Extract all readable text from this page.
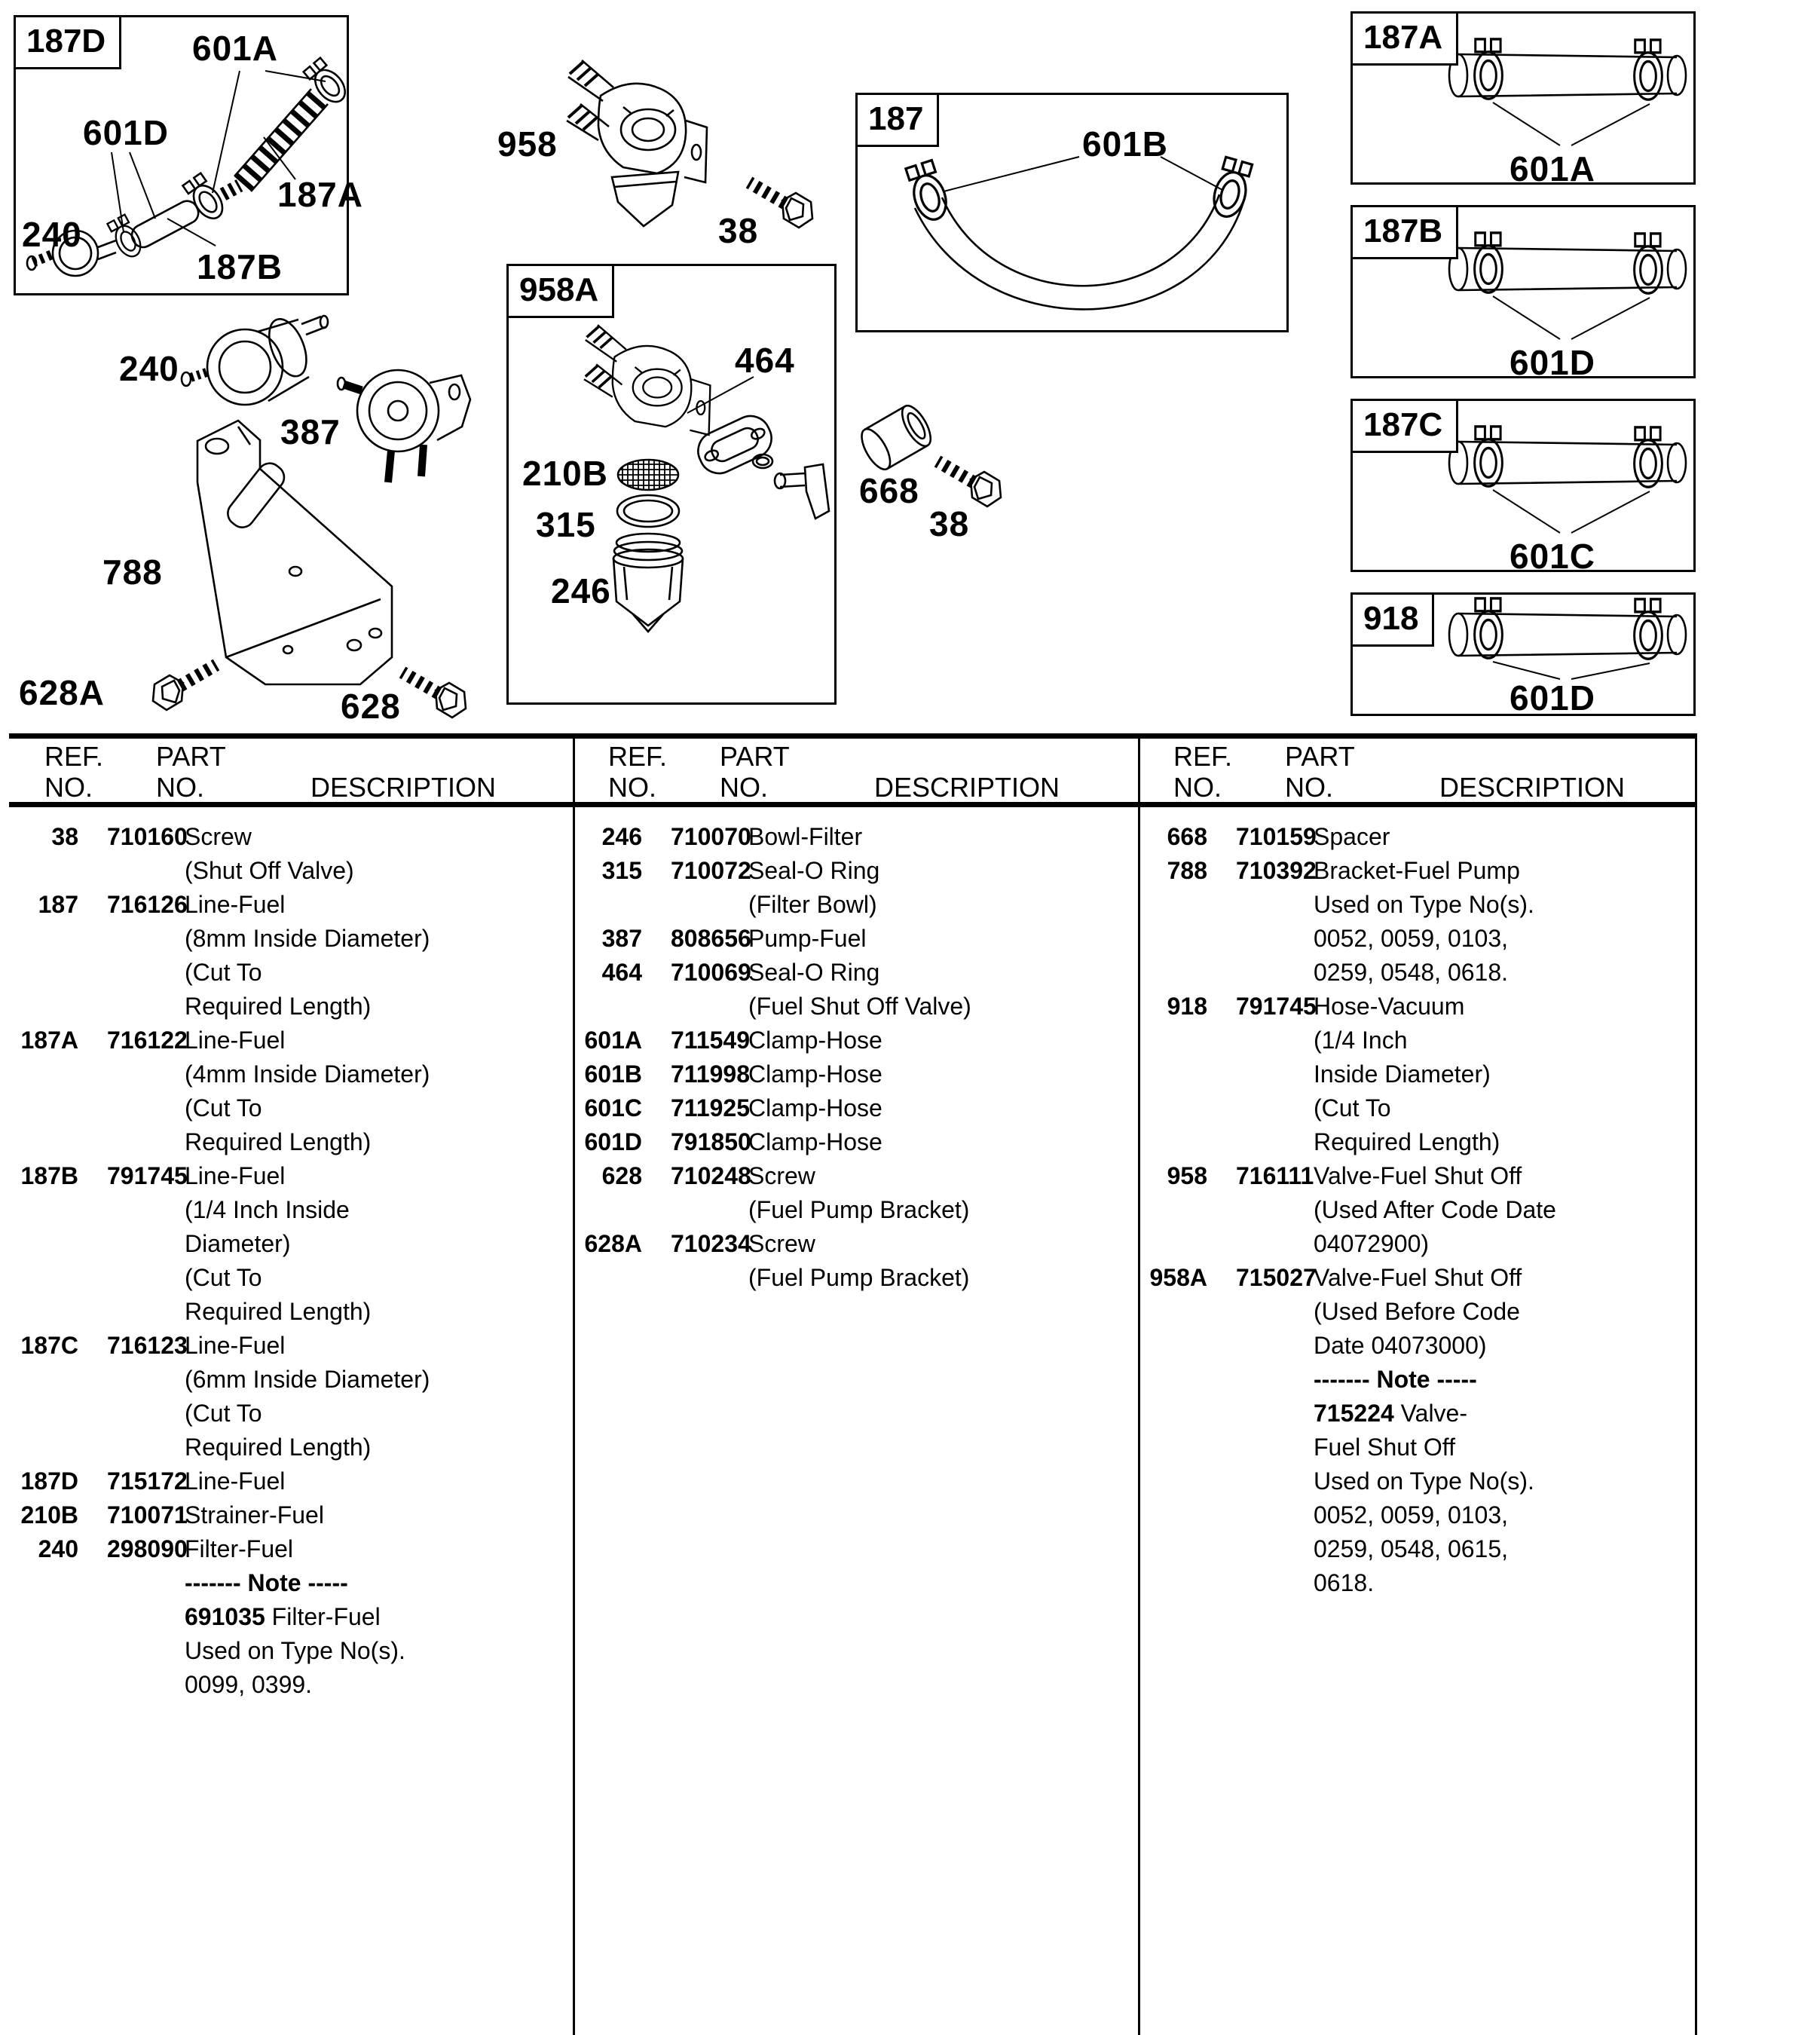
187D	601A
601D
187A
187B
240
240
387
788
628A	628
958
38
668
38
958A
464
210B
315
246
187
601B
187A
601A
187B
601D
187C
601C
918
601D
REF.
NO.
PART
NO.	DESCRIPTION
REF.
NO.
PART
NO.	DESCRIPTION
REF.
NO.
PART
NO.	DESCRIPTION
38	710160
Screw
(Shut Off Valve)
187	716126
Line-Fuel
(8mm Inside Diameter)
(Cut To
Required Length)
187A	716122
Line-Fuel
(4mm Inside Diameter)
(Cut To
Required Length)
187B	791745
Line-Fuel
(1/4 Inch Inside
Diameter)
(Cut To
Required Length)
187C	716123
Line-Fuel
(6mm Inside Diameter)
(Cut To
Required Length)
187D	715172
Line-Fuel
210B	710071
Strainer-Fuel
240	298090
Filter-Fuel
------- Note -----
691035 Filter-Fuel
Used on Type No(s).
0099, 0399.
246	710070
Bowl-Filter
315	710072
Seal-O Ring
(Filter Bowl)
387	808656
Pump-Fuel
464	710069
Seal-O Ring
(Fuel Shut Off Valve)
601A	711549
Clamp-Hose
601B	711998
Clamp-Hose
601C	711925
Clamp-Hose
601D	791850
Clamp-Hose
628	710248
Screw
(Fuel Pump Bracket)
628A	710234
Screw
(Fuel Pump Bracket)
668	710159
Spacer
788	710392
Bracket-Fuel Pump
Used on Type No(s).
0052, 0059, 0103,
0259, 0548, 0618.
918	791745
Hose-Vacuum
(1/4 Inch
Inside Diameter)
(Cut To
Required Length)
958	716111 Valve-Fuel Shut Off
(Used After Code Date
04072900)
958A	715027
Valve-Fuel Shut Off
(Used Before Code
Date 04073000)
------- Note -----
715224 Valve-
Fuel Shut Off
Used on Type No(s).
0052, 0059, 0103,
0259, 0548, 0615,
0618.
